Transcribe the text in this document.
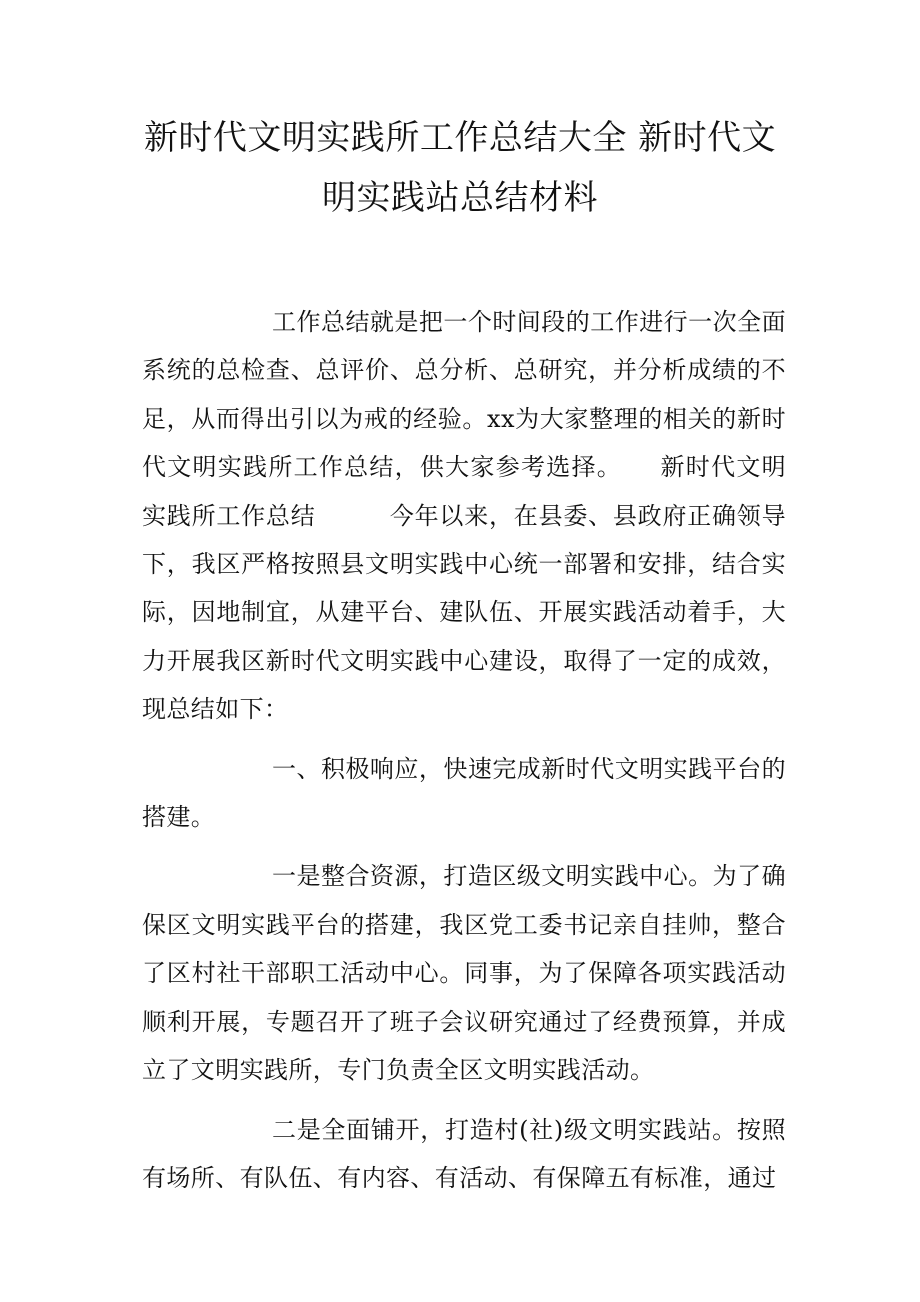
新时代文明实践所工作总结大全 新时代文
明实践站总结材料

工作总结就是把一个时间段的工作进行一次全面系统的总检查、总评价、总分析、总研究，并分析成绩的不足，从而得出引以为戒的经验。xx为大家整理的相关的新时代文明实践所工作总结，供大家参考选择。　　新时代文明实践所工作总结　　　今年以来，在县委、县政府正确领导下，我区严格按照县文明实践中心统一部署和安排，结合实际，因地制宜，从建平台、建队伍、开展实践活动着手，大力开展我区新时代文明实践中心建设，取得了一定的成效，现总结如下：

一、积极响应，快速完成新时代文明实践平台的搭建。

一是整合资源，打造区级文明实践中心。为了确保区文明实践平台的搭建，我区党工委书记亲自挂帅，整合了区村社干部职工活动中心。同事，为了保障各项实践活动顺利开展，专题召开了班子会议研究通过了经费预算，并成立了文明实践所，专门负责全区文明实践活动。

二是全面铺开，打造村(社)级文明实践站。按照有场所、有队伍、有内容、有活动、有保障五有标准，通过
